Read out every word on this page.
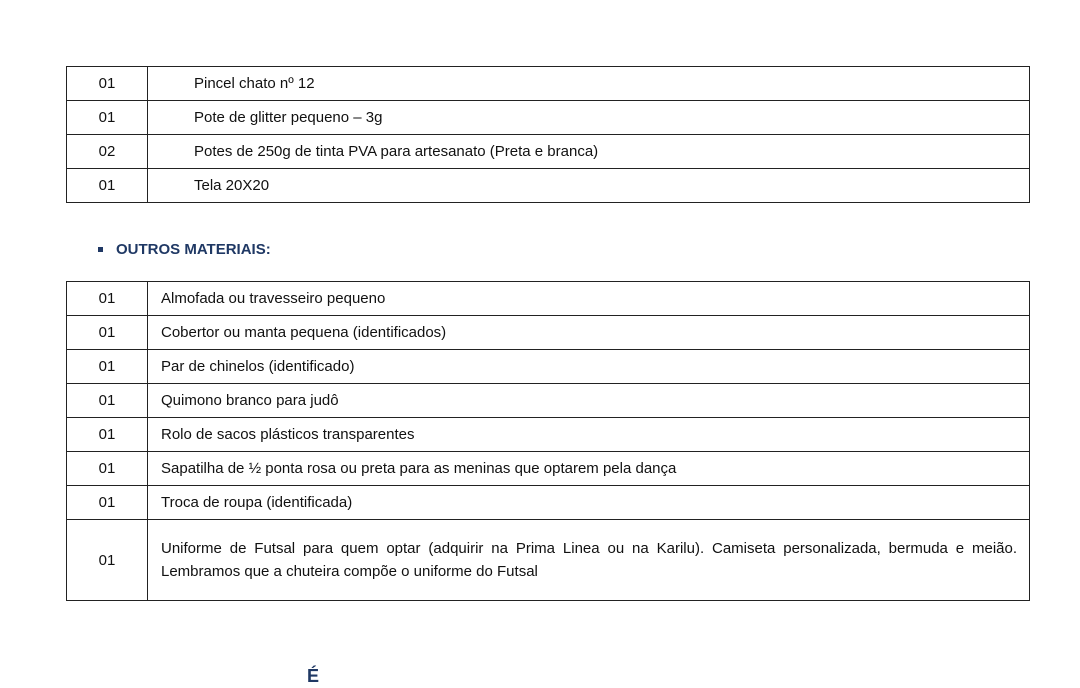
01	Pincel chato nº 12
01	Pote de glitter pequeno – 3g
02	Potes de 250g de tinta PVA para artesanato (Preta e branca)
01	Tela 20X20
OUTROS MATERIAIS:
01	Almofada ou travesseiro pequeno
01	Cobertor ou manta pequena (identificados)
01	Par de chinelos (identificado)
01	Quimono branco para judô
01	Rolo de sacos plásticos transparentes
01	Sapatilha de ½ ponta rosa ou preta para as meninas que optarem pela dança
01	Troca de roupa (identificada)
01	Uniforme de Futsal para quem optar (adquirir na Prima Linea ou na Karilu). Camiseta personalizada, bermuda e meião. Lembramos que a chuteira compõe o uniforme do Futsal
É
